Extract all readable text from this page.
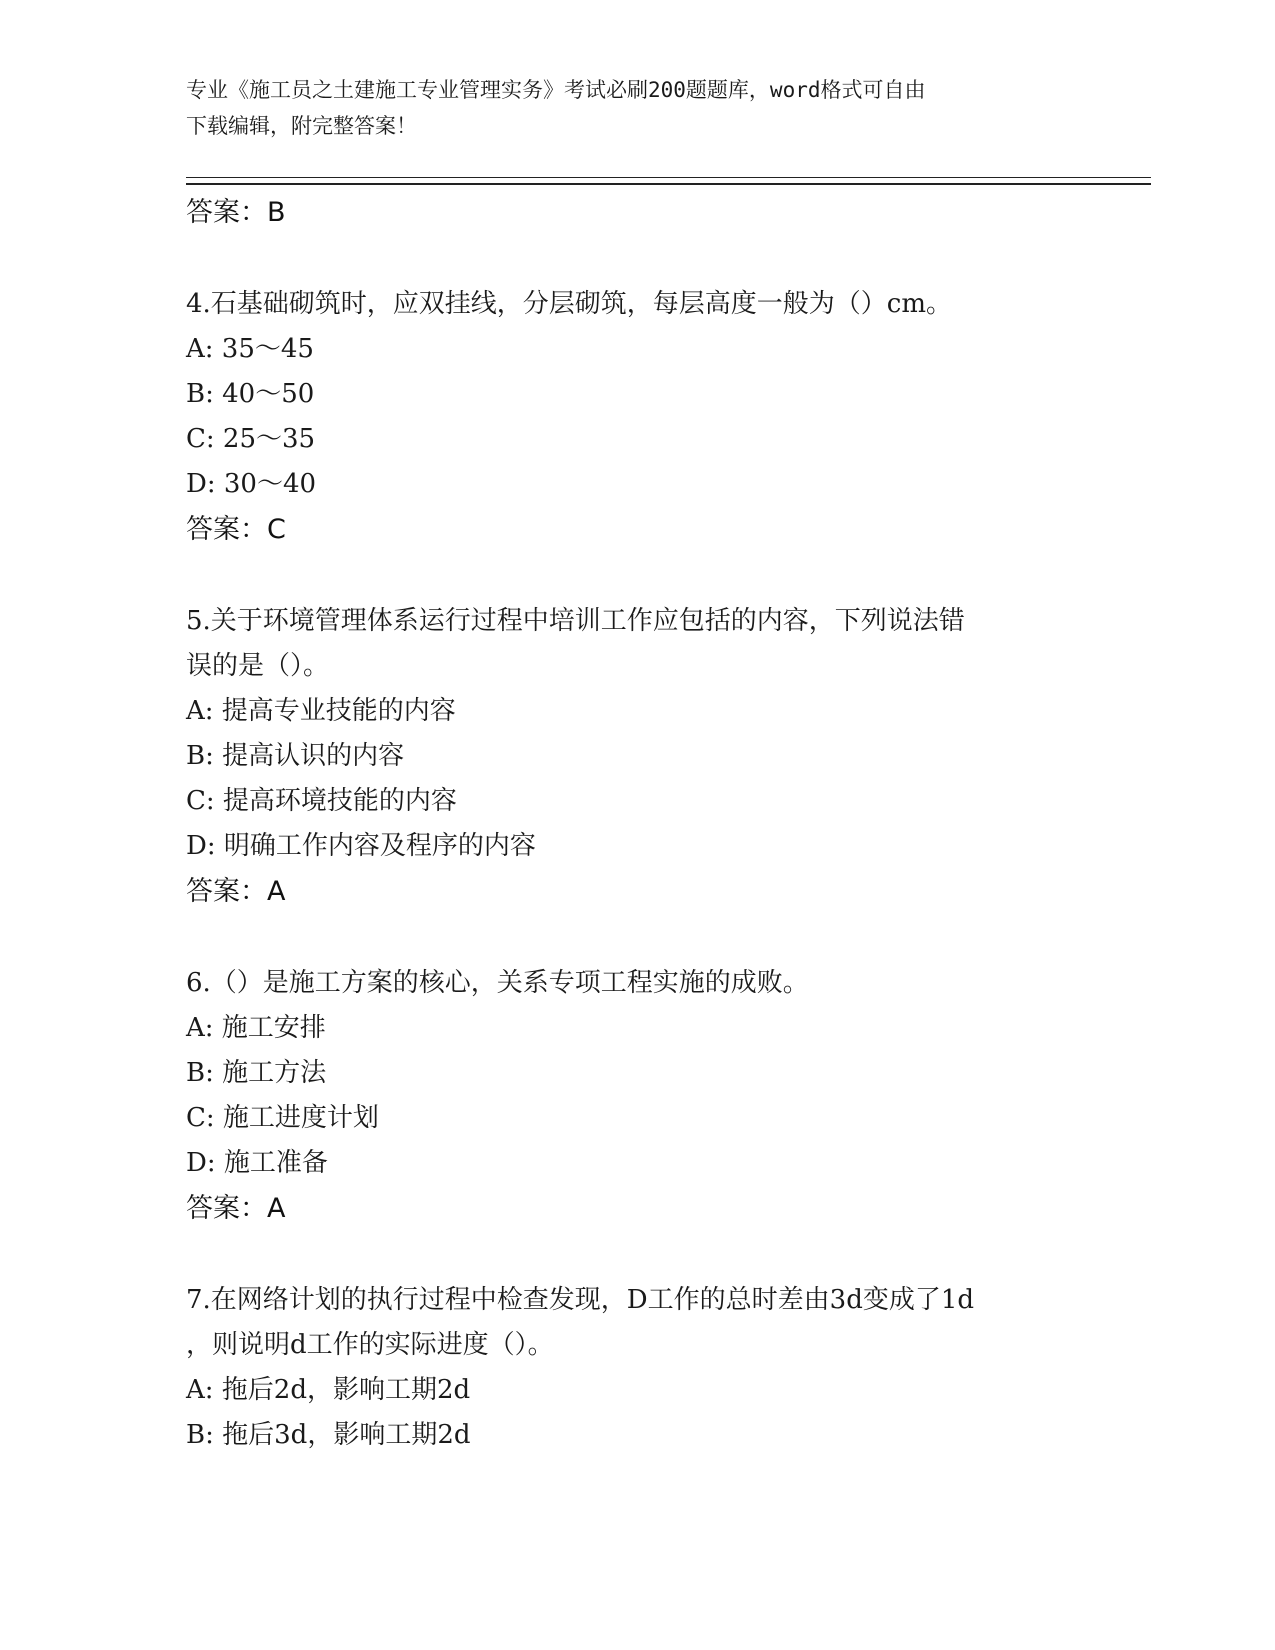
专业《施工员之土建施工专业管理实务》考试必刷200题题库，word格式可自由
下载编辑，附完整答案！
答案：B
4.石基础砌筑时，应双挂线，分层砌筑，每层高度一般为（）cm。
A: 35～45
B: 40～50
C: 25～35
D: 30～40
答案：C
5.关于环境管理体系运行过程中培训工作应包括的内容，下列说法错
误的是（）。
A: 提高专业技能的内容
B: 提高认识的内容
C: 提高环境技能的内容
D: 明确工作内容及程序的内容
答案：A
6.（）是施工方案的核心，关系专项工程实施的成败。
A: 施工安排
B: 施工方法
C: 施工进度计划
D: 施工准备
答案：A
7.在网络计划的执行过程中检查发现，D工作的总时差由3d变成了1d
，则说明d工作的实际进度（）。
A: 拖后2d，影响工期2d
B: 拖后3d，影响工期2d
